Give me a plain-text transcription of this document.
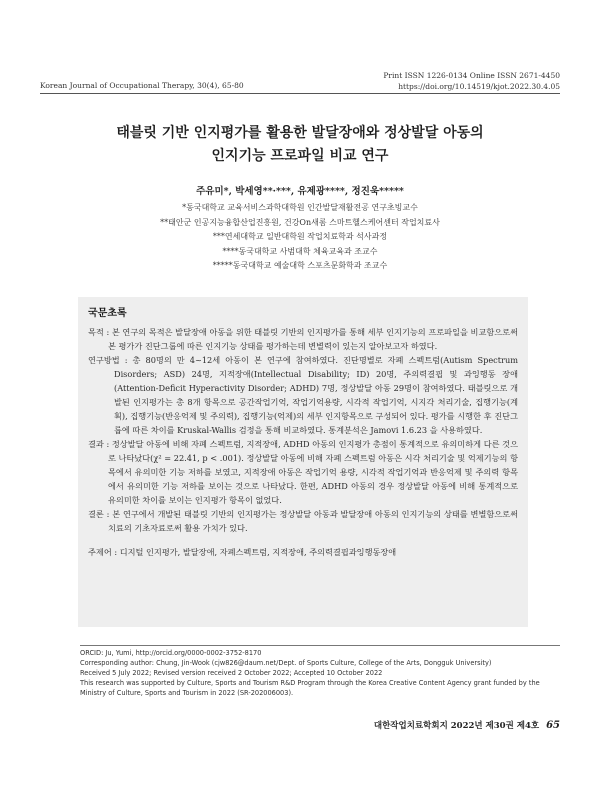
Print ISSN 1226-0134 Online ISSN 2671-4450
https://doi.org/10.14519/kjot.2022.30.4.05
Korean Journal of Occupational Therapy, 30(4), 65-80
태블릿 기반 인지평가를 활용한 발달장애와 정상발달 아동의
인지기능 프로파일 비교 연구
주유미*, 박세영**·***, 유제광****, 정진욱*****
*동국대학교 교육서비스과학대학원 인간발달재활전공 연구초빙교수
**태안군 인공지능융합산업진흥원, 건강On새롬 스마트헬스케어센터 작업치료사
***연세대학교 일반대학원 작업치료학과 석사과정
****동국대학교 사범대학 체육교육과 조교수
*****동국대학교 예술대학 스포츠문화학과 조교수
국문초록

목적 : 본 연구의 목적은 발달장애 아동을 위한 태블릿 기반의 인지평가를 통해 세부 인지기능의 프로파일을 비교함으로써 본 평가가 진단그룹에 따른 인지기능 상태를 평가하는데 변별력이 있는지 알아보고자 하였다.

연구방법 : 총 80명의 만 4~12세 아동이 본 연구에 참여하였다. 진단명별로 자폐 스펙트럼(Autism Spectrum Disorders; ASD) 24명, 지적장애(Intellectual Disability; ID) 20명, 주의력결핍 및 과잉행동 장애(Attention-Deficit Hyperactivity Disorder; ADHD) 7명, 정상발달 아동 29명이 참여하였다. 태블릿으로 개발된 인지평가는 총 8개 항목으로 공간작업기억, 작업기억용량, 시각적 작업기억, 시지각 처리기술, 집행기능(계획), 집행기능(반응억제 및 주의력), 집행기능(억제)의 세부 인지항목으로 구성되어 있다. 평가를 시행한 후 진단그룹에 따른 차이를 Kruskal-Wallis 검정을 통해 비교하였다. 통계분석은 Jamovi 1.6.23 을 사용하였다.

결과 : 정상발달 아동에 비해 자폐 스펙트럼, 지적장애, ADHD 아동의 인지평가 총점이 통계적으로 유의미하게 다른 것으로 나타났다(χ² = 22.41, p < .001). 정상발달 아동에 비해 자폐 스펙트럼 아동은 시각 처리기술 및 억제기능의 항목에서 유의미한 기능 저하를 보였고, 지적장애 아동은 작업기억 용량, 시각적 작업기억과 반응억제 및 주의력 항목에서 유의미한 기능 저하를 보이는 것으로 나타났다. 한편, ADHD 아동의 경우 정상발달 아동에 비해 통계적으로 유의미한 차이를 보이는 인지평가 항목이 없었다.

결론 : 본 연구에서 개발된 태블릿 기반의 인지평가는 정상발달 아동과 발달장애 아동의 인지기능의 상태를 변별함으로써 치료의 기초자료로써 활용 가치가 있다.

주제어 : 디지털 인지평가, 발달장애, 자폐스펙트럼, 지적장애, 주의력결핍과잉행동장애

ORCID: Ju, Yumi, http://orcid.org/0000-0002-3752-8170

Corresponding author: Chung, Jin-Wook (cjw826@daum.net/Dept. of Sports Culture, College of the Arts, Dongguk University)

Received 5 July 2022; Revised version received 2 October 2022; Accepted 10 October 2022

This research was supported by Culture, Sports and Tourism R&D Program through the Korea Creative Content Agency grant funded by the Ministry of Culture, Sports and Tourism in 2022 (SR-202006003).

대한작업치료학회지 2022년 제30권 제4호 65
